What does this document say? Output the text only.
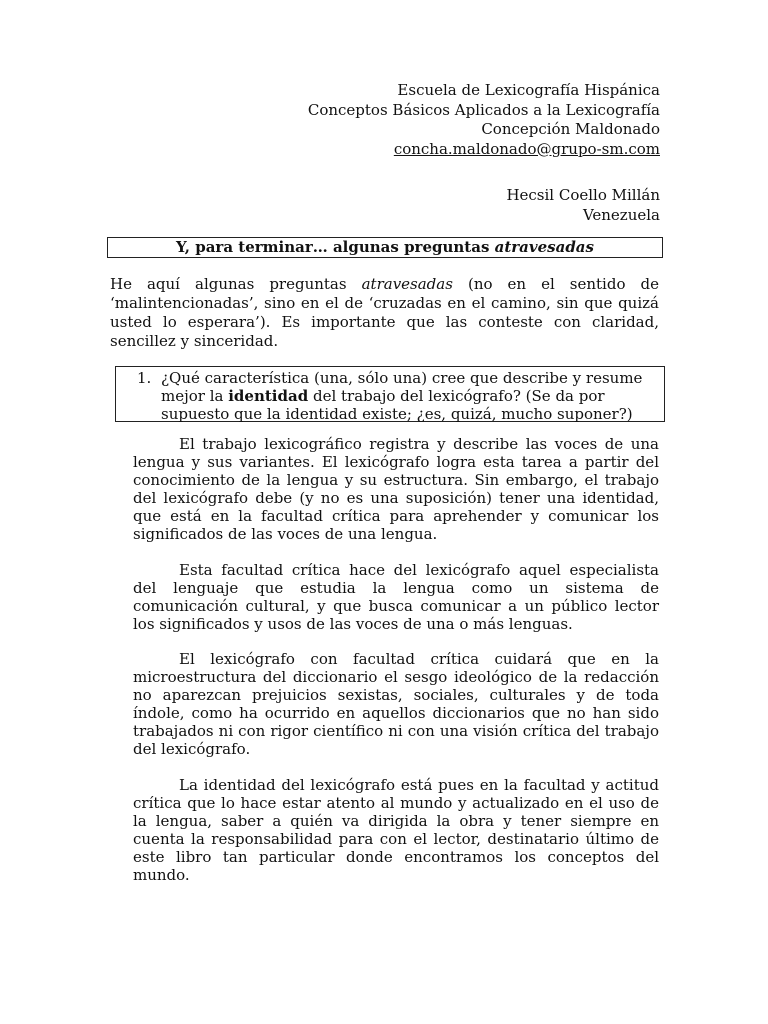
Escuela de Lexicografía Hispánica
Conceptos Básicos Aplicados a la Lexicografía
Concepción Maldonado
concha.maldonado@grupo-sm.com
Hecsil Coello Millán
Venezuela
Y, para terminar… algunas preguntas atravesadas

He aquí algunas preguntas atravesadas (no en el sentido de ‘malintencionadas’, sino en el de ‘cruzadas en el camino, sin que quizá usted lo esperara’). Es importante que las conteste con claridad, sencillez y sinceridad.

1. ¿Qué característica (una, sólo una) cree que describe y resume mejor la identidad del trabajo del lexicógrafo? (Se da por supuesto que la identidad existe; ¿es, quizá, mucho suponer?)

El trabajo lexicográfico registra y describe las voces de una lengua y sus variantes. El lexicógrafo logra esta tarea a partir del conocimiento de la lengua y su estructura. Sin embargo, el trabajo del lexicógrafo debe (y no es una suposición) tener una identidad, que está en la facultad crítica para aprehender y comunicar los significados de las voces de una lengua.

Esta facultad crítica hace del lexicógrafo aquel especialista del lenguaje que estudia la lengua como un sistema de comunicación cultural, y que busca comunicar a un público lector los significados y usos de las voces de una o más lenguas.

El lexicógrafo con facultad crítica cuidará que en la microestructura del diccionario el sesgo ideológico de la redacción no aparezcan prejuicios sexistas, sociales, culturales y de toda índole, como ha ocurrido en aquellos diccionarios que no han sido trabajados ni con rigor científico ni con una visión crítica del trabajo del lexicógrafo.

La identidad del lexicógrafo está pues en la facultad y actitud crítica que lo hace estar atento al mundo y actualizado en el uso de la lengua, saber a quién va dirigida la obra y tener siempre en cuenta la responsabilidad para con el lector, destinatario último de este libro tan particular donde encontramos los conceptos del mundo.
